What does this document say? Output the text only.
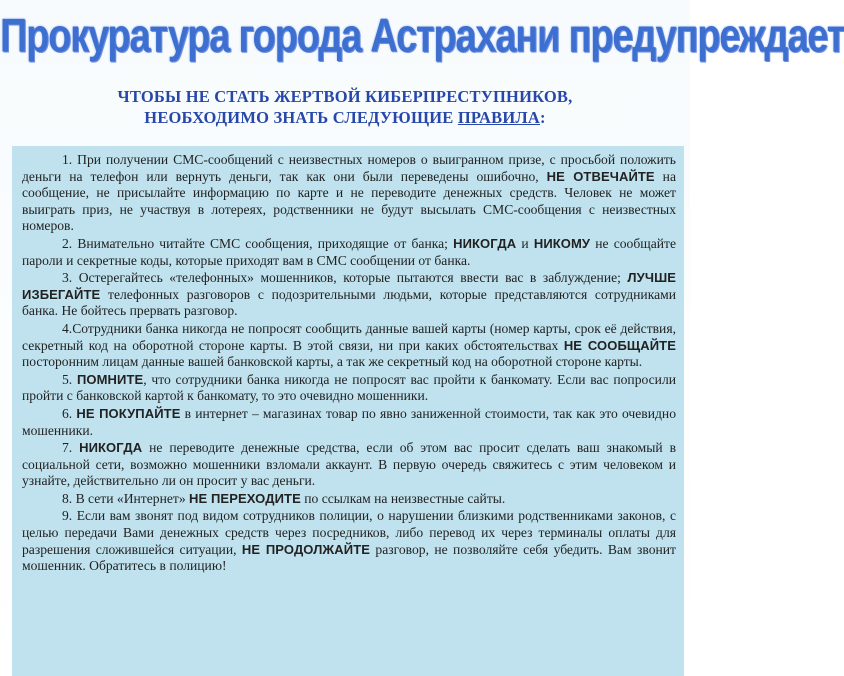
Прокуратура города Астрахани предупреждает
ЧТОБЫ НЕ СТАТЬ ЖЕРТВОЙ КИБЕРПРЕСТУПНИКОВ,
НЕОБХОДИМО ЗНАТЬ СЛЕДУЮЩИЕ ПРАВИЛА:

1. При получении СМС-сообщений с неизвестных номеров о выигранном призе, с просьбой положить деньги на телефон или вернуть деньги, так как они были переведены ошибочно, НЕ ОТВЕЧАЙТЕ на сообщение, не присылайте информацию по карте и не переводите денежных средств. Человек не может выиграть приз, не участвуя в лотереях, родственники не будут высылать СМС-сообщения с неизвестных номеров.

2. Внимательно читайте СМС сообщения, приходящие от банка; НИКОГДА и НИКОМУ не сообщайте пароли и секретные коды, которые приходят вам в СМС сообщении от банка.

3. Остерегайтесь «телефонных» мошенников, которые пытаются ввести вас в заблуждение; ЛУЧШЕ ИЗБЕГАЙТЕ телефонных разговоров с подозрительными людьми, которые представляются сотрудниками банка. Не бойтесь прервать разговор.

4.Сотрудники банка никогда не попросят сообщить данные вашей карты (номер карты, срок её действия, секретный код на оборотной стороне карты. В этой связи, ни при каких обстоятельствах НЕ СООБЩАЙТЕ посторонним лицам данные вашей банковской карты, а так же секретный код на оборотной стороне карты.

5. ПОМНИТЕ, что сотрудники банка никогда не попросят вас пройти к банкомату. Если вас попросили пройти с банковской картой к банкомату, то это очевидно мошенники.

6. НЕ ПОКУПАЙТЕ в интернет – магазинах товар по явно заниженной стоимости, так как это очевидно мошенники.

7. НИКОГДА не переводите денежные средства, если об этом вас просит сделать ваш знакомый в социальной сети, возможно мошенники взломали аккаунт. В первую очередь свяжитесь с этим человеком и узнайте, действительно ли он просит у вас деньги.

8. В сети «Интернет» НЕ ПЕРЕХОДИТЕ по ссылкам на неизвестные сайты.

9. Если вам звонят под видом сотрудников полиции, о нарушении близкими родственниками законов, с целью передачи Вами денежных средств через посредников, либо перевод их через терминалы оплаты для разрешения сложившейся ситуации, НЕ ПРОДОЛЖАЙТЕ разговор, не позволяйте себя убедить. Вам звонит мошенник. Обратитесь в полицию!
